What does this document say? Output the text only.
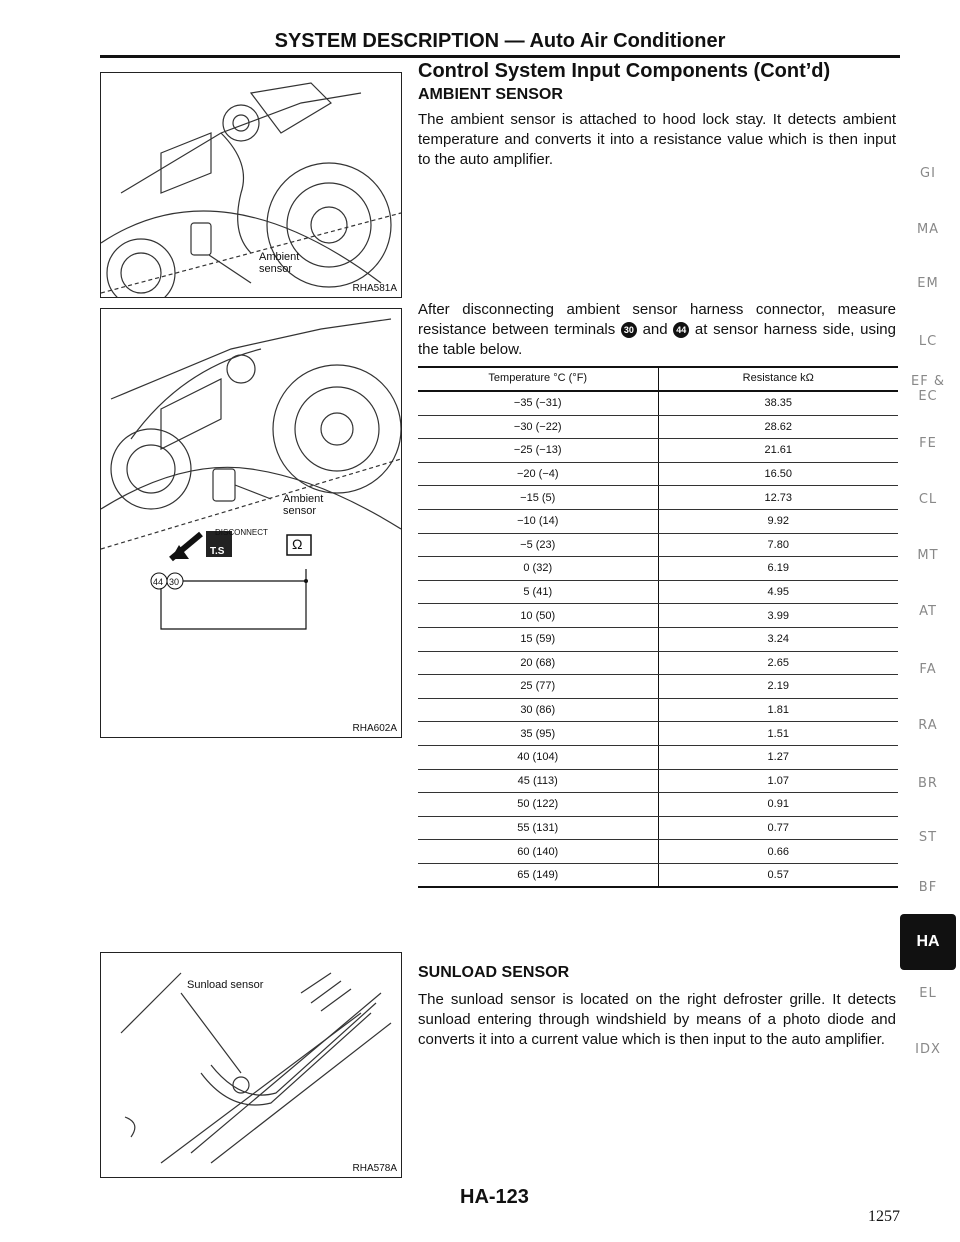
SYSTEM DESCRIPTION — Auto Air Conditioner
Ambient sensor
RHA581A
DISCONNECT
T.S	Ω
44 30
Ambient sensor
RHA602A
Sunload sensor
RHA578A
Control System Input Components (Cont’d)
AMBIENT SENSOR
The ambient sensor is attached to hood lock stay. It detects ambient temperature and converts it into a resistance value which is then input to the auto amplifier.
After disconnecting ambient sensor harness connector, measure resistance between terminals 30 and 44 at sensor harness side, using the table below.
Temperature °C (°F)	Resistance kΩ
−35 (−31)	38.35
−30 (−22)	28.62
−25 (−13)	21.61
−20 (−4)	16.50
−15 (5)	12.73
−10 (14)	9.92
−5 (23)	7.80
0 (32)	6.19
5 (41)	4.95
10 (50)	3.99
15 (59)	3.24
20 (68)	2.65
25 (77)	2.19
30 (86)	1.81
35 (95)	1.51
40 (104)	1.27
45 (113)	1.07
50 (122)	0.91
55 (131)	0.77
60 (140)	0.66
65 (149)	0.57
SUNLOAD SENSOR
The sunload sensor is located on the right defroster grille. It detects sunload entering through windshield by means of a photo diode and converts it into a current value which is then input to the auto amplifier.
GI
MA
EM
LC
EF &
EC
FE
CL
MT
AT
FA
RA
BR
ST
BF
EL
IDX
HA
HA-123
1257
